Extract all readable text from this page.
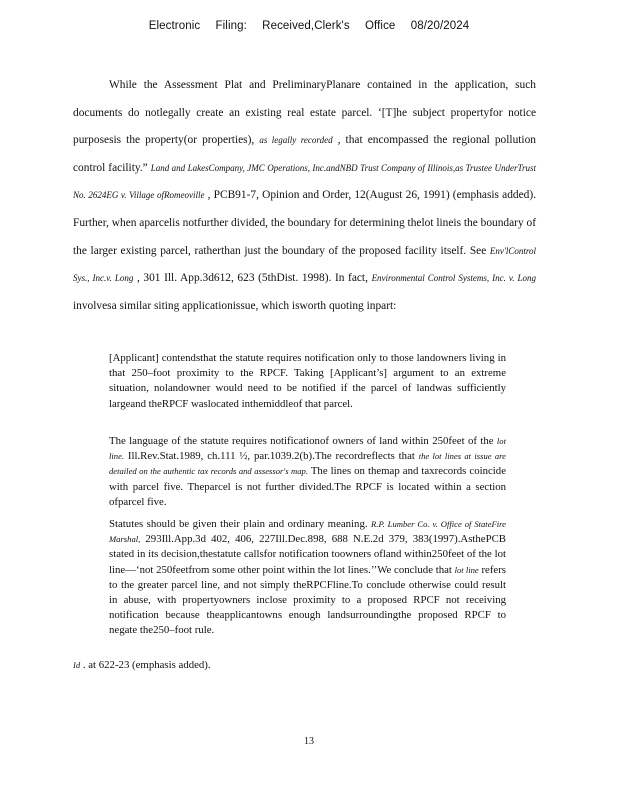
Electronic Filing: Received,Clerk's Office 08/20/2024

While the Assessment Plat and PreliminaryPlanare contained in the application, such documents do notlegally create an existing real estate parcel. ‘[T]he subject propertyfor notice purposesis the property(or properties), as legally recorded , that encompassed the regional pollution control facility.” Land and LakesCompany, JMC Operations, Inc.andNBD Trust Company of Illinois,as Trustee UnderTrust No. 2624EG v. Village ofRomeoville , PCB91-7, Opinion and Order, 12(August 26, 1991) (emphasis added). Further, when aparcelis notfurther divided, the boundary for determining thelot lineis the boundary of the larger existing parcel, ratherthan just the boundary of the proposed facility itself. See Env'lControl Sys., Inc.v. Long , 301 Ill. App.3d612, 623 (5thDist. 1998). In fact, Environmental Control Systems, Inc. v. Long involvesa similar siting applicationissue, which isworth quoting inpart:

[Applicant] contendsthat the statute requires notification only to those landowners living in that 250–foot proximity to the RPCF. Taking [Applicant’s] argument to an extreme situation, nolandowner would need to be notified if the parcel of landwas sufficiently largeand theRPCF waslocated inthemiddleof that parcel.

The language of the statute requires notificationof owners of land within 250feet of the lot line. Ill.Rev.Stat.1989, ch.111 ½, par.1039.2(b).The recordreflects that the lot lines at issue are detailed on the authentic tax records and assessor's map. The lines on themap and taxrecords coincide with parcel five. Theparcel is not further divided.The RPCF is located within a section ofparcel five.

Statutes should be given their plain and ordinary meaning. R.P. Lumber Co. v. Office of StateFire Marshal, 293Ill.App.3d 402, 406, 227Ill.Dec.898, 688 N.E.2d 379, 383(1997).AsthePCB stated in its decision,thestatute callsfor notification toowners ofland within250feet of the lot line—‘not 250feetfrom some other point within the lot lines.’’We conclude that lot line refers to the greater parcel line, and not simply theRPCFline.To conclude otherwise could result in abuse, with propertyowners inclose proximity to a proposed RPCF not receiving notification because theapplicantowns enough landsurroundingthe proposed RPCF to negate the250–foot rule.

Id . at 622-23 (emphasis added).
13
